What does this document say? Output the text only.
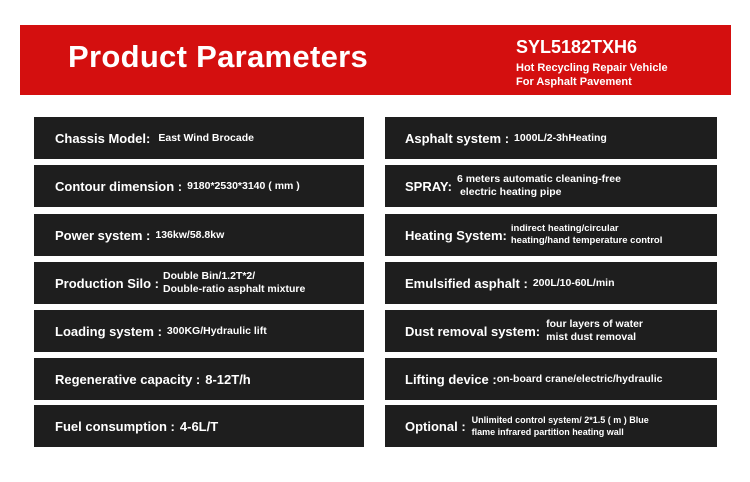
Product Parameters	SYL5182TXH6
Hot Recycling Repair Vehicle
For Asphalt Pavement
Chassis Model: East Wind Brocade
Contour dimension : 9180*2530*3140 ( mm )
Power system : 136kw/58.8kw
Production Silo : Double Bin/1.2T*2/
Double-ratio asphalt mixture
Loading system : 300KG/Hydraulic lift
Regenerative capacity : 8-12T/h
Fuel consumption : 4-6L/T
Asphalt system : 1000L/2-3hHeating
SPRAY: 6 meters automatic cleaning-free
electric heating pipe
Heating System: indirect heating/circular
heating/hand temperature control
Emulsified asphalt : 200L/10-60L/min
Dust removal system: four layers of water
mist dust removal
Lifting device : on-board crane/electric/hydraulic
Optional : Unlimited control system/ 2*1.5 ( m ) Blue
flame infrared partition heating wall
